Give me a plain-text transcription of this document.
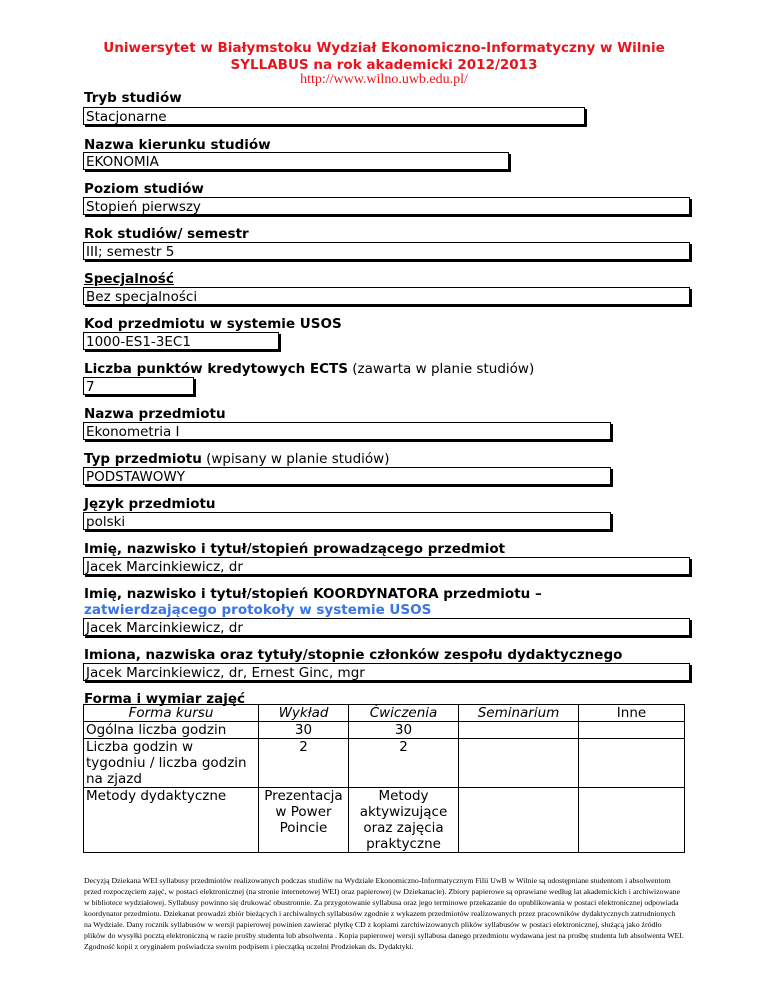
Uniwersytet w Białymstoku Wydział Ekonomiczno-Informatyczny w Wilnie
SYLLABUS na rok akademicki 2012/2013
http://www.wilno.uwb.edu.pl/
Tryb studiów
Stacjonarne
Nazwa kierunku studiów
EKONOMIA
Poziom studiów
Stopień pierwszy
Rok studiów/ semestr
III; semestr 5
Specjalność
Bez specjalności
Kod przedmiotu w systemie USOS
1000-ES1-3EC1
Liczba punktów kredytowych ECTS (zawarta w planie studiów)
7
Nazwa przedmiotu
Ekonometria I
Typ przedmiotu (wpisany w planie studiów)
PODSTAWOWY
Język przedmiotu
polski
Imię, nazwisko i tytuł/stopień prowadzącego przedmiot
Jacek Marcinkiewicz, dr
Imię, nazwisko i tytuł/stopień KOORDYNATORA przedmiotu –
zatwierdzającego protokoły w systemie USOS
Jacek Marcinkiewicz, dr
Imiona, nazwiska oraz tytuły/stopnie członków zespołu dydaktycznego
Jacek Marcinkiewicz, dr, Ernest Ginc, mgr
Forma i wymiar zajęć
Forma kursu	Wykład	Ćwiczenia	Seminarium	Inne
Ogólna liczba godzin	30	30		
Liczba godzin w tygodniu / liczba godzin na zjazd	2	2		
Metody dydaktyczne	Prezentacja w Power Poincie	Metody aktywizujące oraz zajęcia praktyczne		
Decyzją Dziekana WEI syllabusy przedmiotów realizowanych podczas studiów na Wydziale Ekonomiczno-Informatycznym Filii UwB w Wilnie są udostępniane studentom i absolwentom przed rozpoczęciem zajęć, w postaci elektronicznej (na stronie internetowej WEI) oraz papierowej (w Dziekanacie). Zbiory papierowe są oprawiane według lat akademickich i archiwizowane w bibliotece wydziałowej. Syllabusy powinno się drukować obustronnie. Za przygotowanie syllabusa oraz jego terminowe przekazanie do opublikowania w postaci elektronicznej odpowiada koordynator przedmiotu. Dziekanat prowadzi zbiór bieżących i archiwalnych syllabusów zgodnie z wykazem przedmiotów realizowanych przez pracowników dydaktycznych zatrudnionych na Wydziale. Dany rocznik syllabusów w wersji papierowej powinien zawierać płytkę CD z kopiami zarchiwizowanych plików syllabusów w postaci elektronicznej, służącą jako źródło plików do wysyłki pocztą elektroniczną w razie prośby studenta lub absolwenta . Kopia papierowej wersji syllabusa danego przedmiotu wydawana jest na prośbę studenta lub absolwenta WEI. Zgodność kopii z oryginałem poświadcza swoim podpisem i pieczątką uczelni Prodziekan ds. Dydaktyki.
